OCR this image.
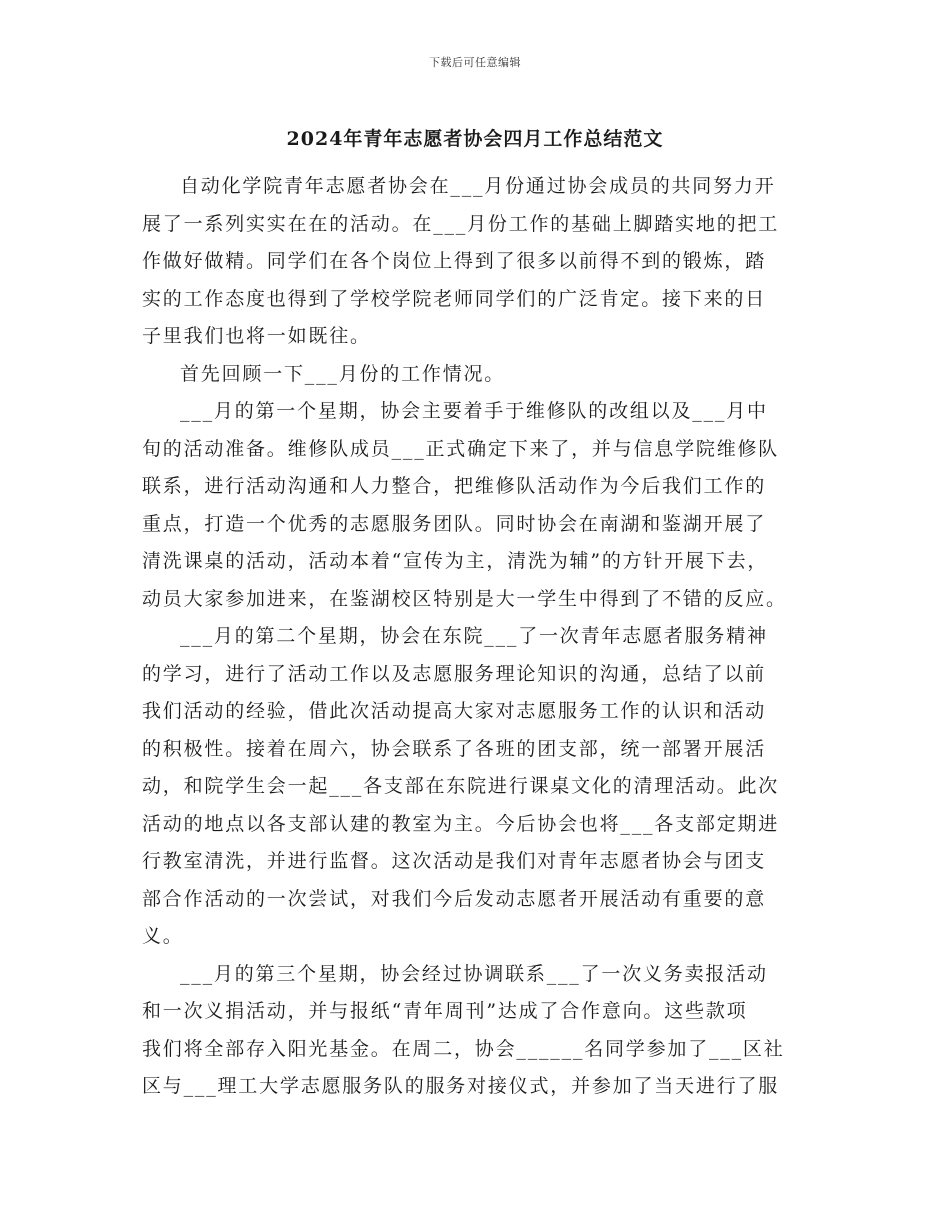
下载后可任意编辑
2024年青年志愿者协会四月工作总结范文

自动化学院青年志愿者协会在___月份通过协会成员的共同努力开
展了一系列实实在在的活动。在___月份工作的基础上脚踏实地的把工
作做好做精。同学们在各个岗位上得到了很多以前得不到的锻炼，踏
实的工作态度也得到了学校学院老师同学们的广泛肯定。接下来的日
子里我们也将一如既往。

首先回顾一下___月份的工作情况。

___月的第一个星期，协会主要着手于维修队的改组以及___月中
旬的活动准备。维修队成员___正式确定下来了，并与信息学院维修队
联系，进行活动沟通和人力整合，把维修队活动作为今后我们工作的
重点，打造一个优秀的志愿服务团队。同时协会在南湖和鉴湖开展了
清洗课桌的活动，活动本着“宣传为主，清洗为辅”的方针开展下去，
动员大家参加进来，在鉴湖校区特别是大一学生中得到了不错的反应。

___月的第二个星期，协会在东院___了一次青年志愿者服务精神
的学习，进行了活动工作以及志愿服务理论知识的沟通，总结了以前
我们活动的经验，借此次活动提高大家对志愿服务工作的认识和活动
的积极性。接着在周六，协会联系了各班的团支部，统一部署开展活
动，和院学生会一起___各支部在东院进行课桌文化的清理活动。此次
活动的地点以各支部认建的教室为主。今后协会也将___各支部定期进
行教室清洗，并进行监督。这次活动是我们对青年志愿者协会与团支
部合作活动的一次尝试，对我们今后发动志愿者开展活动有重要的意
义。

___月的第三个星期，协会经过协调联系___了一次义务卖报活动
和一次义捐活动，并与报纸“青年周刊”达成了合作意向。这些款项
我们将全部存入阳光基金。在周二，协会______名同学参加了___区社
区与___理工大学志愿服务队的服务对接仪式，并参加了当天进行了服
